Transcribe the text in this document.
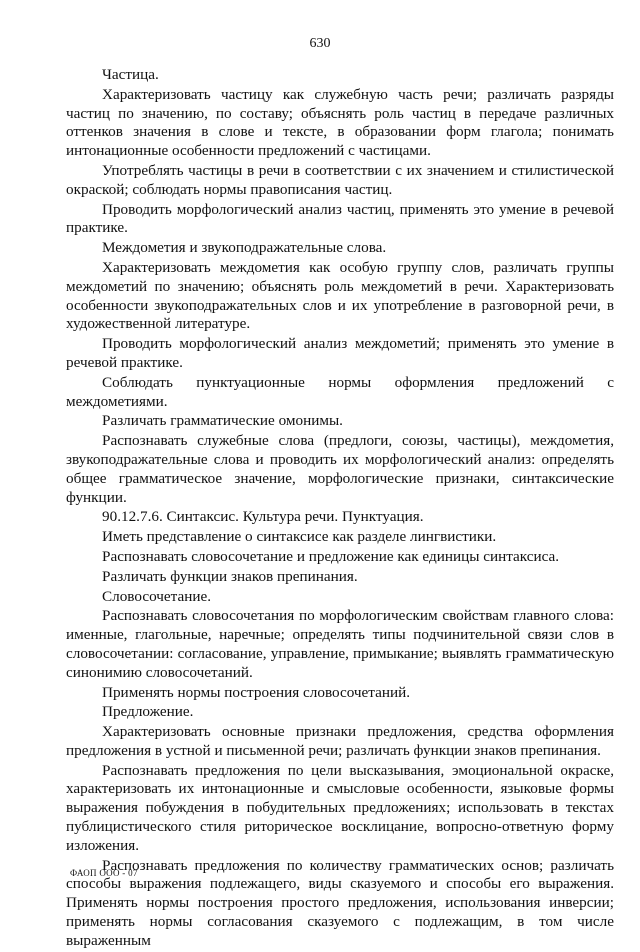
630

Частица.

Характеризовать частицу как служебную часть речи; различать разряды частиц по значению, по составу; объяснять роль частиц в передаче различных оттенков значения в слове и тексте, в образовании форм глагола; понимать интонационные особенности предложений с частицами.

Употреблять частицы в речи в соответствии с их значением и стилистической окраской; соблюдать нормы правописания частиц.

Проводить морфологический анализ частиц, применять это умение в речевой практике.

Междометия и звукоподражательные слова.

Характеризовать междометия как особую группу слов, различать группы междометий по значению; объяснять роль междометий в речи. Характеризовать особенности звукоподражательных слов и их употребление в разговорной речи, в художественной литературе.

Проводить морфологический анализ междометий; применять это умение в речевой практике.

Соблюдать пунктуационные нормы оформления предложений с междометиями.

Различать грамматические омонимы.

Распознавать служебные слова (предлоги, союзы, частицы), междометия, звукоподражательные слова и проводить их морфологический анализ: определять общее грамматическое значение, морфологические признаки, синтаксические функции.

90.12.7.6. Синтаксис. Культура речи. Пунктуация.

Иметь представление о синтаксисе как разделе лингвистики.

Распознавать словосочетание и предложение как единицы синтаксиса.

Различать функции знаков препинания.

Словосочетание.

Распознавать словосочетания по морфологическим свойствам главного слова: именные, глагольные, наречные; определять типы подчинительной связи слов в словосочетании: согласование, управление, примыкание; выявлять грамматическую синонимию словосочетаний.

Применять нормы построения словосочетаний.

Предложение.

Характеризовать основные признаки предложения, средства оформления предложения в устной и письменной речи; различать функции знаков препинания.

Распознавать предложения по цели высказывания, эмоциональной окраске, характеризовать их интонационные и смысловые особенности, языковые формы выражения побуждения в побудительных предложениях; использовать в текстах публицистического стиля риторическое восклицание, вопросно-ответную форму изложения.

Распознавать предложения по количеству грамматических основ; различать способы выражения подлежащего, виды сказуемого и способы его выражения. Применять нормы построения простого предложения, использования инверсии; применять нормы согласования сказуемого с подлежащим, в том числе выраженным

ФАОП ООО - 07
